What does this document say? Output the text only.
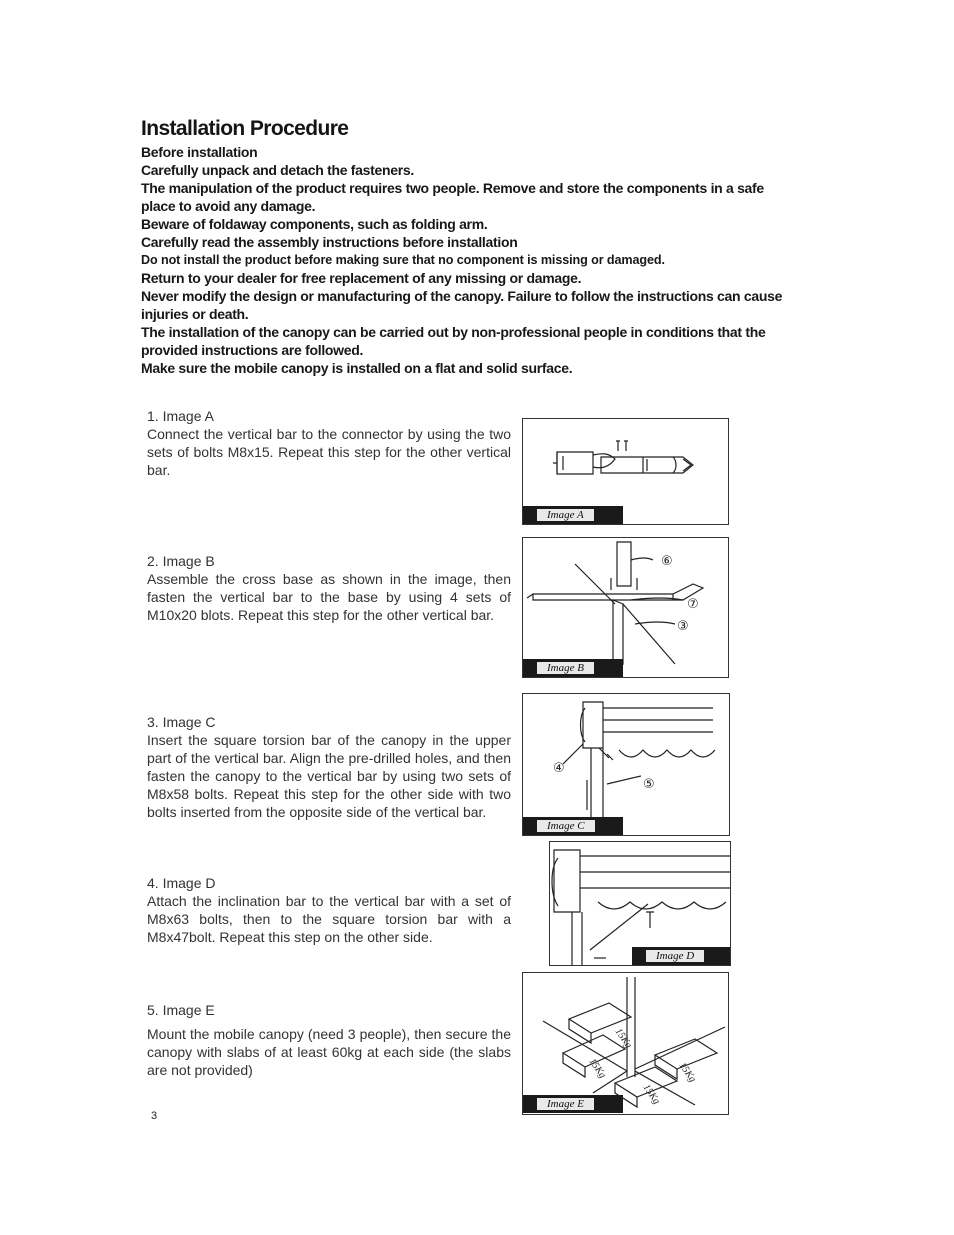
Installation Procedure

Before installation

Carefully unpack and detach the fasteners.

The manipulation of the product requires two people. Remove and store the components in a safe place to avoid any damage.

Beware of foldaway components, such as folding arm.

Carefully read the assembly instructions before installation

Do not install the product before making sure that no component is missing or damaged.

Return to your dealer for free replacement of any missing or damage.

Never modify the design or manufacturing of the canopy. Failure to follow the instructions can cause injuries or death.

The installation of the canopy can be carried out by non-professional people in conditions that the provided instructions are followed.

Make sure the mobile canopy is installed on a flat and solid surface.

1. Image A

Connect the vertical bar to the connector by using the two sets of bolts M8x15. Repeat this step for the other vertical bar.

Image A

2. Image B

Assemble the cross base as shown in the image, then fasten the vertical bar to the base by using 4 sets of M10x20 blots. Repeat this step for the other vertical bar.

⑥
⑦
③
Image B

3. Image C

Insert the square torsion bar of the canopy in the upper part of the vertical bar. Align the pre-drilled holes, and then fasten the canopy to the vertical bar by using two sets of M8x58 bolts. Repeat this step for the other side with two bolts inserted from the opposite side of the vertical bar.

④
⑤
Image C

4. Image D

Attach the inclination bar to the vertical bar with a set of M8x63 bolts, then to the square torsion bar with a M8x47bolt. Repeat this step on the other side.

Image D

5. Image E

Mount the mobile canopy (need 3 people), then secure the canopy with slabs of at least 60kg at each side (the slabs are not provided)

15Kg
15Kg	15Kg
15Kg
Image E
3
